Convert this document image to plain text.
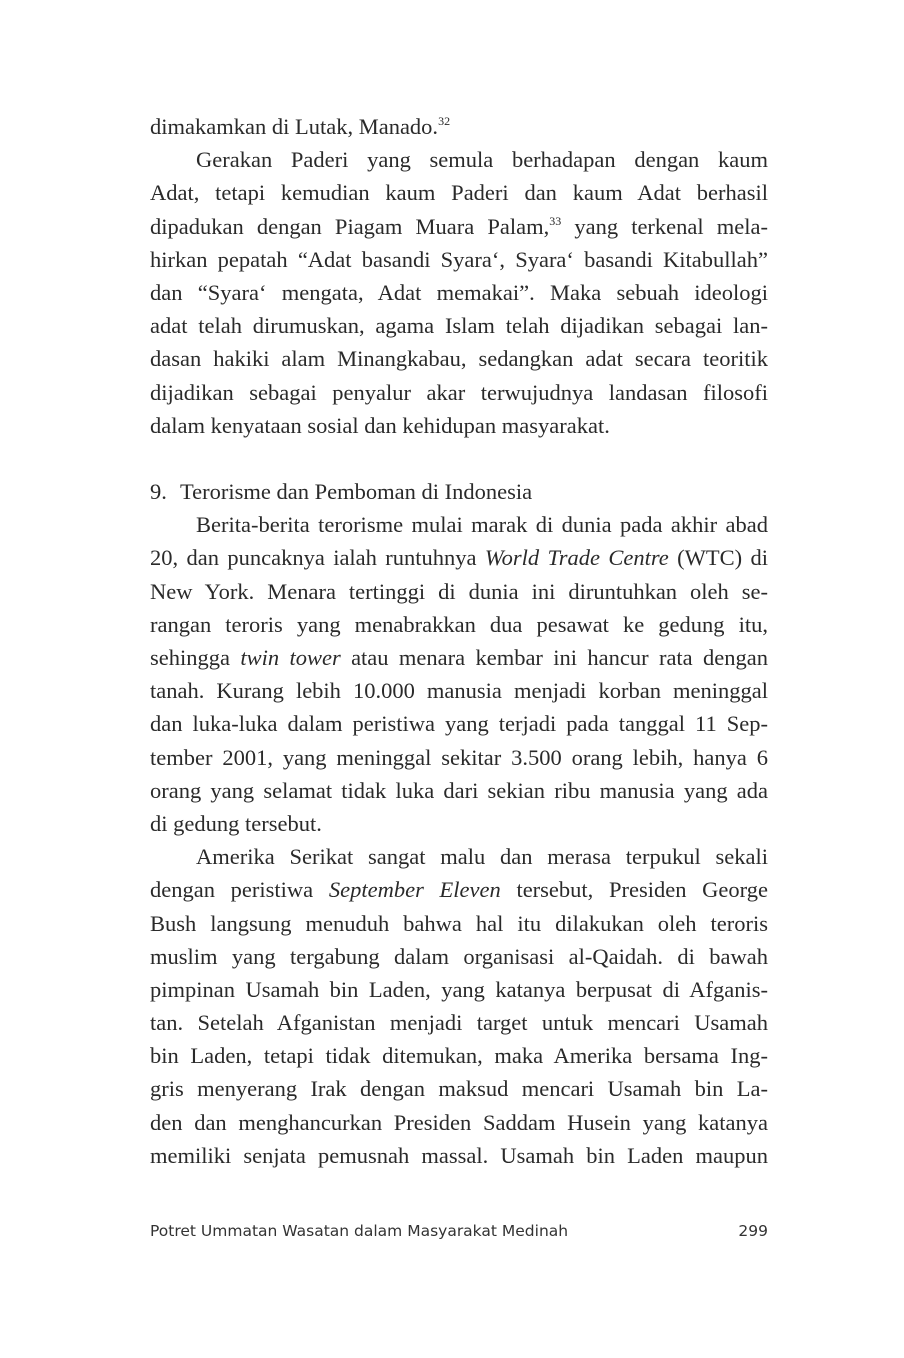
dimakamkan di Lutak, Manado.$^{32}$
Gerakan Paderi yang semula berhadapan dengan kaum
Adat, tetapi kemudian kaum Paderi dan kaum Adat berhasil
dipadukan dengan Piagam Muara Palam,$^{33}$ yang terkenal mela-
hirkan pepatah “Adat basandi Syara‘, Syara‘ basandi Kitabullah”
dan “Syara‘ mengata, Adat memakai”. Maka sebuah ideologi
adat telah dirumuskan, agama Islam telah dijadikan sebagai lan-
dasan hakiki alam Minangkabau, sedangkan adat secara teoritik
dijadikan sebagai penyalur akar terwujudnya landasan filosofi
dalam kenyataan sosial dan kehidupan masyarakat.
9. Terorisme dan Pemboman di Indonesia
Berita-berita terorisme mulai marak di dunia pada akhir abad
20, dan puncaknya ialah runtuhnya World Trade Centre (WTC) di
New York. Menara tertinggi di dunia ini diruntuhkan oleh se-
rangan teroris yang menabrakkan dua pesawat ke gedung itu,
sehingga twin tower atau menara kembar ini hancur rata dengan
tanah. Kurang lebih 10.000 manusia menjadi korban meninggal
dan luka-luka dalam peristiwa yang terjadi pada tanggal 11 Sep-
tember 2001, yang meninggal sekitar 3.500 orang lebih, hanya 6
orang yang selamat tidak luka dari sekian ribu manusia yang ada
di gedung tersebut.
Amerika Serikat sangat malu dan merasa terpukul sekali
dengan peristiwa September Eleven tersebut, Presiden George
Bush langsung menuduh bahwa hal itu dilakukan oleh teroris
muslim yang tergabung dalam organisasi al-Qaidah. di bawah
pimpinan Usamah bin Laden, yang katanya berpusat di Afganis-
tan. Setelah Afganistan menjadi target untuk mencari Usamah
bin Laden, tetapi tidak ditemukan, maka Amerika bersama Ing-
gris menyerang Irak dengan maksud mencari Usamah bin La-
den dan menghancurkan Presiden Saddam Husein yang katanya
memiliki senjata pemusnah massal. Usamah bin Laden maupun
Potret Ummatan Wasatan dalam Masyarakat Medinah	299
